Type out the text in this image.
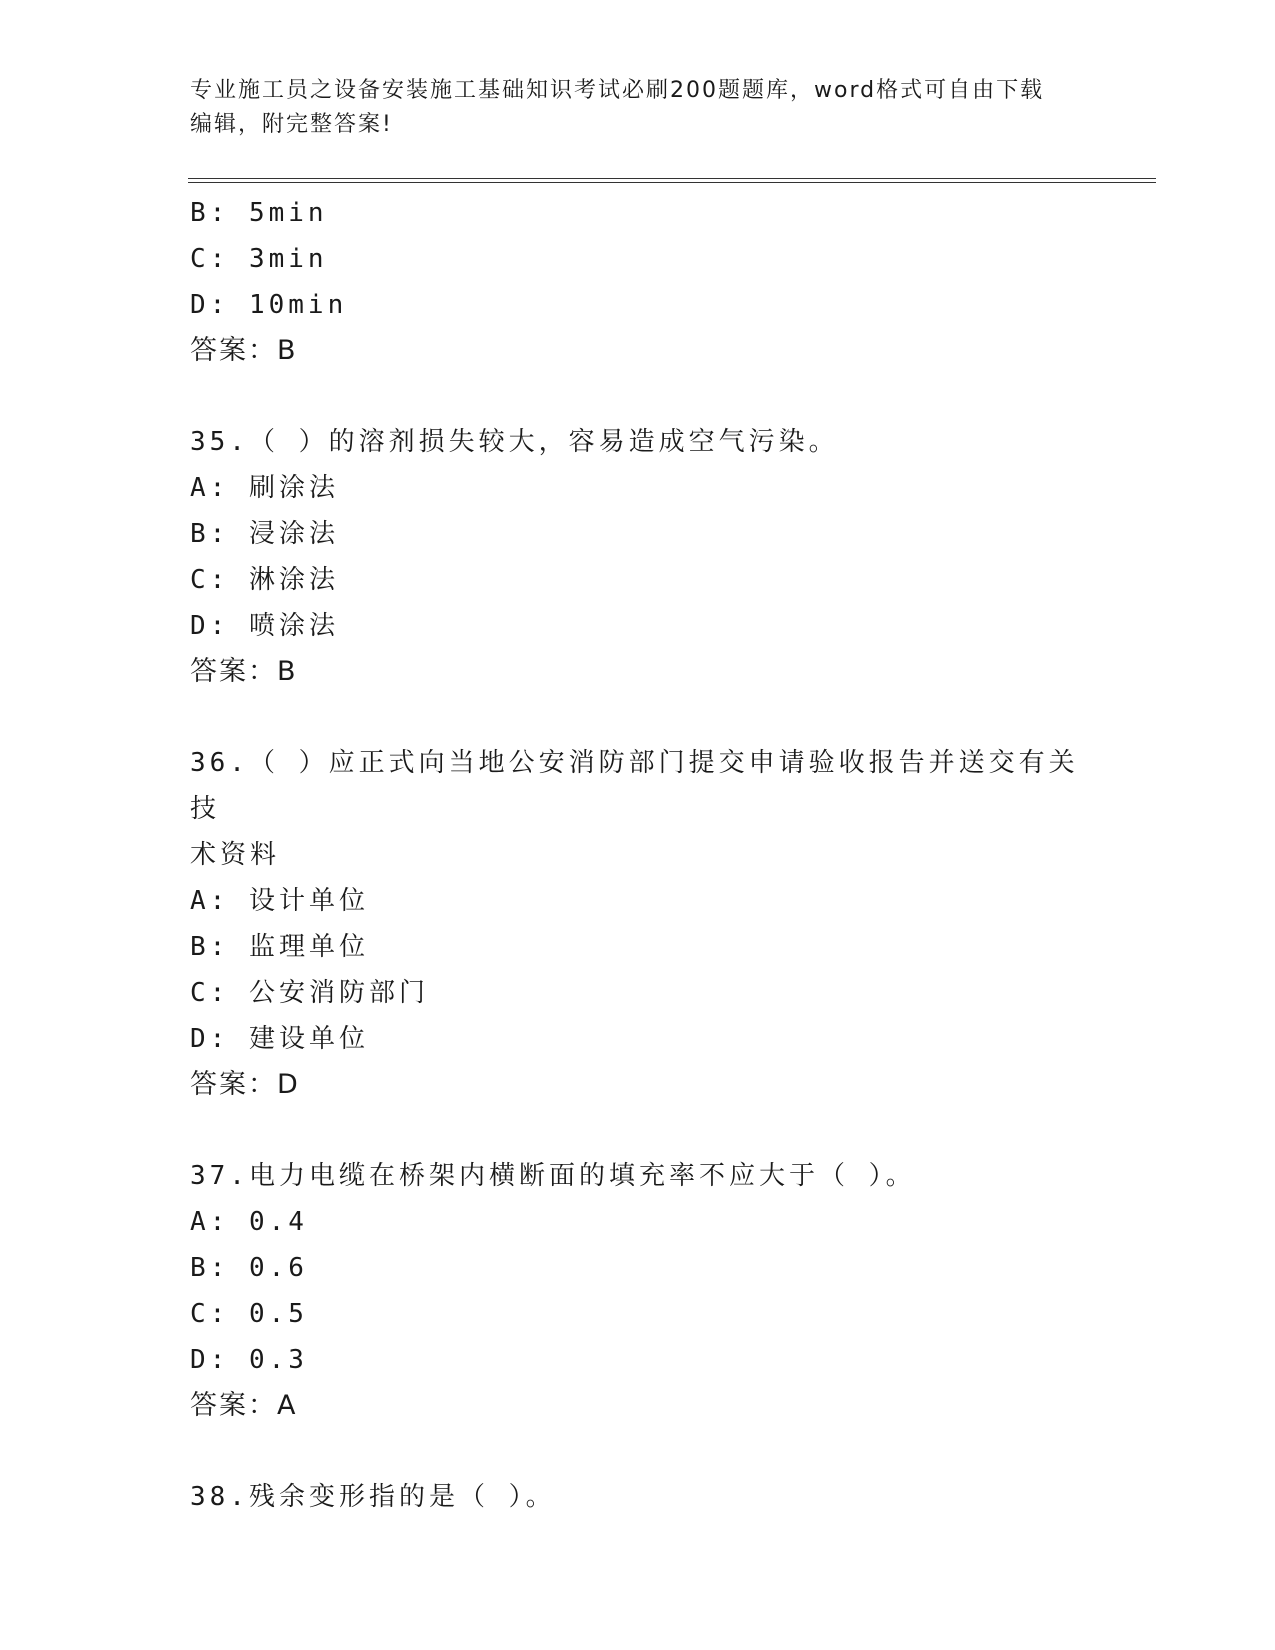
专业施工员之设备安装施工基础知识考试必刷200题题库，word格式可自由下载
编辑，附完整答案!
B: 5min
C: 3min
D: 10min
答案：B
35.（ ）的溶剂损失较大，容易造成空气污染。
A: 刷涂法
B: 浸涂法
C: 淋涂法
D: 喷涂法
答案：B
36.（ ）应正式向当地公安消防部门提交申请验收报告并送交有关技
术资料
A: 设计单位
B: 监理单位
C: 公安消防部门
D: 建设单位
答案：D
37.电力电缆在桥架内横断面的填充率不应大于（ ）。
A: 0.4
B: 0.6
C: 0.5
D: 0.3
答案：A
38.残余变形指的是（ ）。
